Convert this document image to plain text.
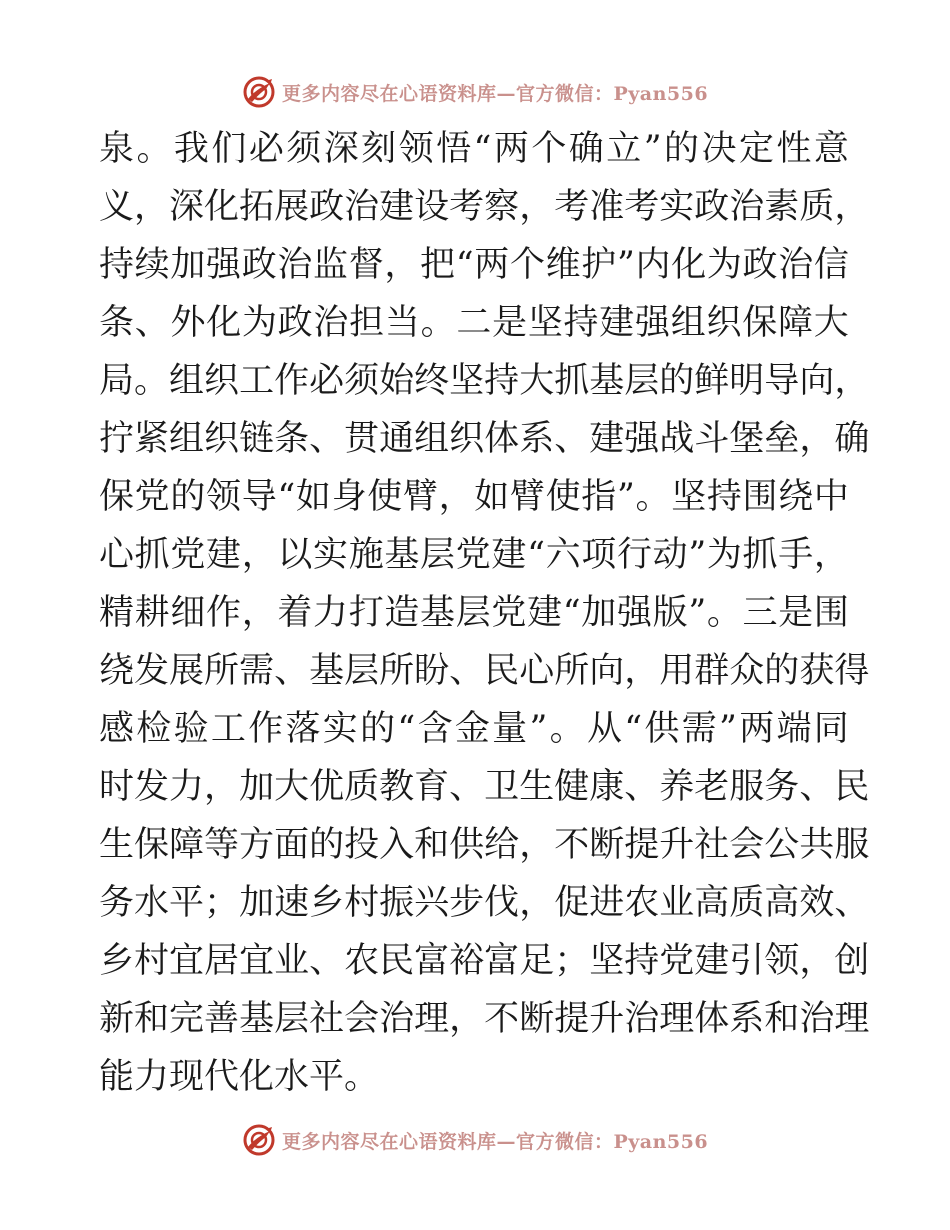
更多内容尽在心语资料库—官方微信：Pyan556
泉 。 我 们 必 须 深 刻 领 悟 “ 两 个 确 立 ” 的 决 定 性 意
义 ， 深 化 拓 展 政 治 建 设 考 察 ， 考 准 考 实 政 治 素 质 ，
持 续 加 强 政 治 监 督 ， 把 “ 两 个 维 护 ” 内 化 为 政 治 信
条 、 外 化 为 政 治 担 当 。 二 是 坚 持 建 强 组 织 保 障 大
局 。 组 织 工 作 必 须 始 终 坚 持 大 抓 基 层 的 鲜 明 导 向 ，
拧 紧 组 织 链 条 、 贯 通 组 织 体 系 、 建 强 战 斗 堡 垒 ， 确
保 党 的 领 导 “ 如 身 使 臂 ， 如 臂 使 指 ” 。 坚 持 围 绕 中
心 抓 党 建 ， 以 实 施 基 层 党 建 “ 六 项 行 动 ” 为 抓 手 ，
精 耕 细 作 ， 着 力 打 造 基 层 党 建 “ 加 强 版 ” 。 三 是 围
绕 发 展 所 需 、 基 层 所 盼 、 民 心 所 向 ， 用 群 众 的 获 得
感 检 验 工 作 落 实 的 “ 含 金 量 ” 。 从 “ 供 需 ” 两 端 同
时 发 力 ， 加 大 优 质 教 育 、 卫 生 健 康 、 养 老 服 务 、 民
生 保 障 等 方 面 的 投 入 和 供 给 ， 不 断 提 升 社 会 公 共 服
务 水 平 ； 加 速 乡 村 振 兴 步 伐 ， 促 进 农 业 高 质 高 效 、
乡 村 宜 居 宜 业 、 农 民 富 裕 富 足 ； 坚 持 党 建 引 领 ， 创
新 和 完 善 基 层 社 会 治 理 ， 不 断 提 升 治 理 体 系 和 治 理
能力现代化水平。
更多内容尽在心语资料库—官方微信：Pyan556
